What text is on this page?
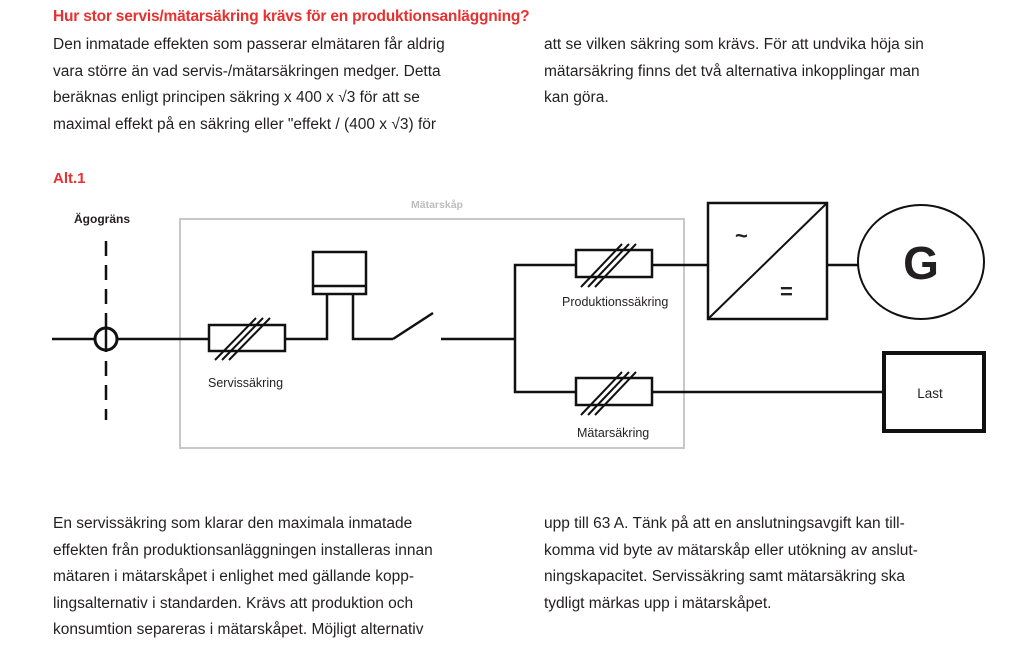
Hur stor servis/mätarsäkring krävs för en produktionsanläggning?
Den inmatade effekten som passerar elmätaren får aldrig
vara större än vad servis-/mätarsäkringen medger. Detta
beräknas enligt principen säkring x 400 x √3 för att se
maximal effekt på en säkring eller "effekt / (400 x √3) för
att se vilken säkring som krävs. För att undvika höja sin
mätarsäkring finns det två alternativa inkopplingar man
kan göra.
Alt.1
Mätarskåp
Ägogräns
Servissäkring
Produktionssäkring
~
=
G
Mätarsäkring
Last
En servissäkring som klarar den maximala inmatade
effekten från produktionsanläggningen installeras innan
mätaren i mätarskåpet i enlighet med gällande kopp-
lingsalternativ i standarden. Krävs att produktion och
konsumtion separeras i mätarskåpet. Möjligt alternativ
upp till 63 A. Tänk på att en anslutningsavgift kan till-
komma vid byte av mätarskåp eller utökning av anslut-
ningskapacitet. Servissäkring samt mätarsäkring ska
tydligt märkas upp i mätarskåpet.
